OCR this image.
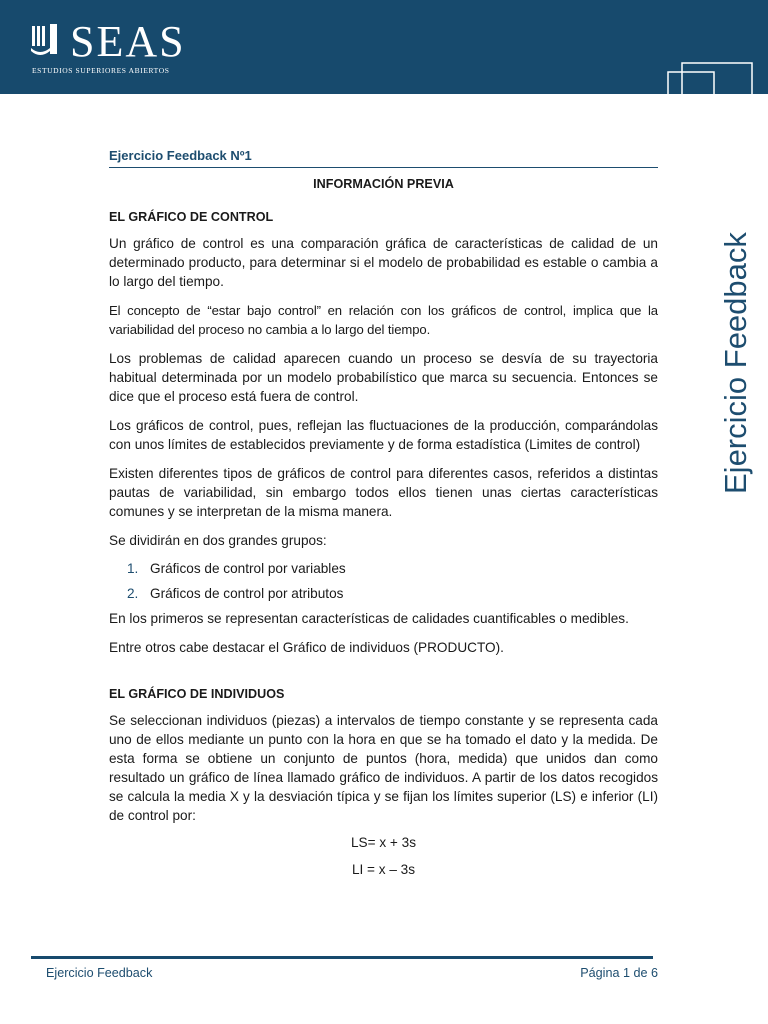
SEAS
ESTUDIOS SUPERIORES ABIERTOS
Ejercicio Feedback
Ejercicio Feedback Nº1
INFORMACIÓN PREVIA
EL GRÁFICO DE CONTROL

Un gráfico de control es una comparación gráfica de características de calidad de un determinado producto, para determinar si el modelo de probabilidad es estable o cambia a lo largo del tiempo.

El concepto de “estar bajo control” en relación con los gráficos de control, implica que la variabilidad del proceso no cambia a lo largo del tiempo.

Los problemas de calidad aparecen cuando un proceso se desvía de su trayectoria habitual determinada por un modelo probabilístico que marca su secuencia. Entonces se dice que el proceso está fuera de control.

Los gráficos de control, pues, reflejan las fluctuaciones de la producción, comparándolas con unos límites de establecidos previamente y de forma estadística (Limites de control)

Existen diferentes tipos de gráficos de control para diferentes casos, referidos a distintas pautas de variabilidad, sin embargo todos ellos tienen unas ciertas características comunes y se interpretan de la misma manera.

Se dividirán en dos grandes grupos:

1. Gráficos de control por variables
2. Gráficos de control por atributos

En los primeros se representan características de calidades cuantificables o medibles.

Entre otros cabe destacar el Gráfico de individuos (PRODUCTO).

EL GRÁFICO DE INDIVIDUOS

Se seleccionan individuos (piezas) a intervalos de tiempo constante y se representa cada uno de ellos mediante un punto con la hora en que se ha tomado el dato y la medida. De esta forma se obtiene un conjunto de puntos (hora, medida) que unidos dan como resultado un gráfico de línea llamado gráfico de individuos. A partir de los datos recogidos se calcula la media X y la desviación típica y se fijan los límites superior (LS) e inferior (LI) de control por:

LS= x + 3s
LI = x – 3s
Ejercicio Feedback	Página 1 de 6
